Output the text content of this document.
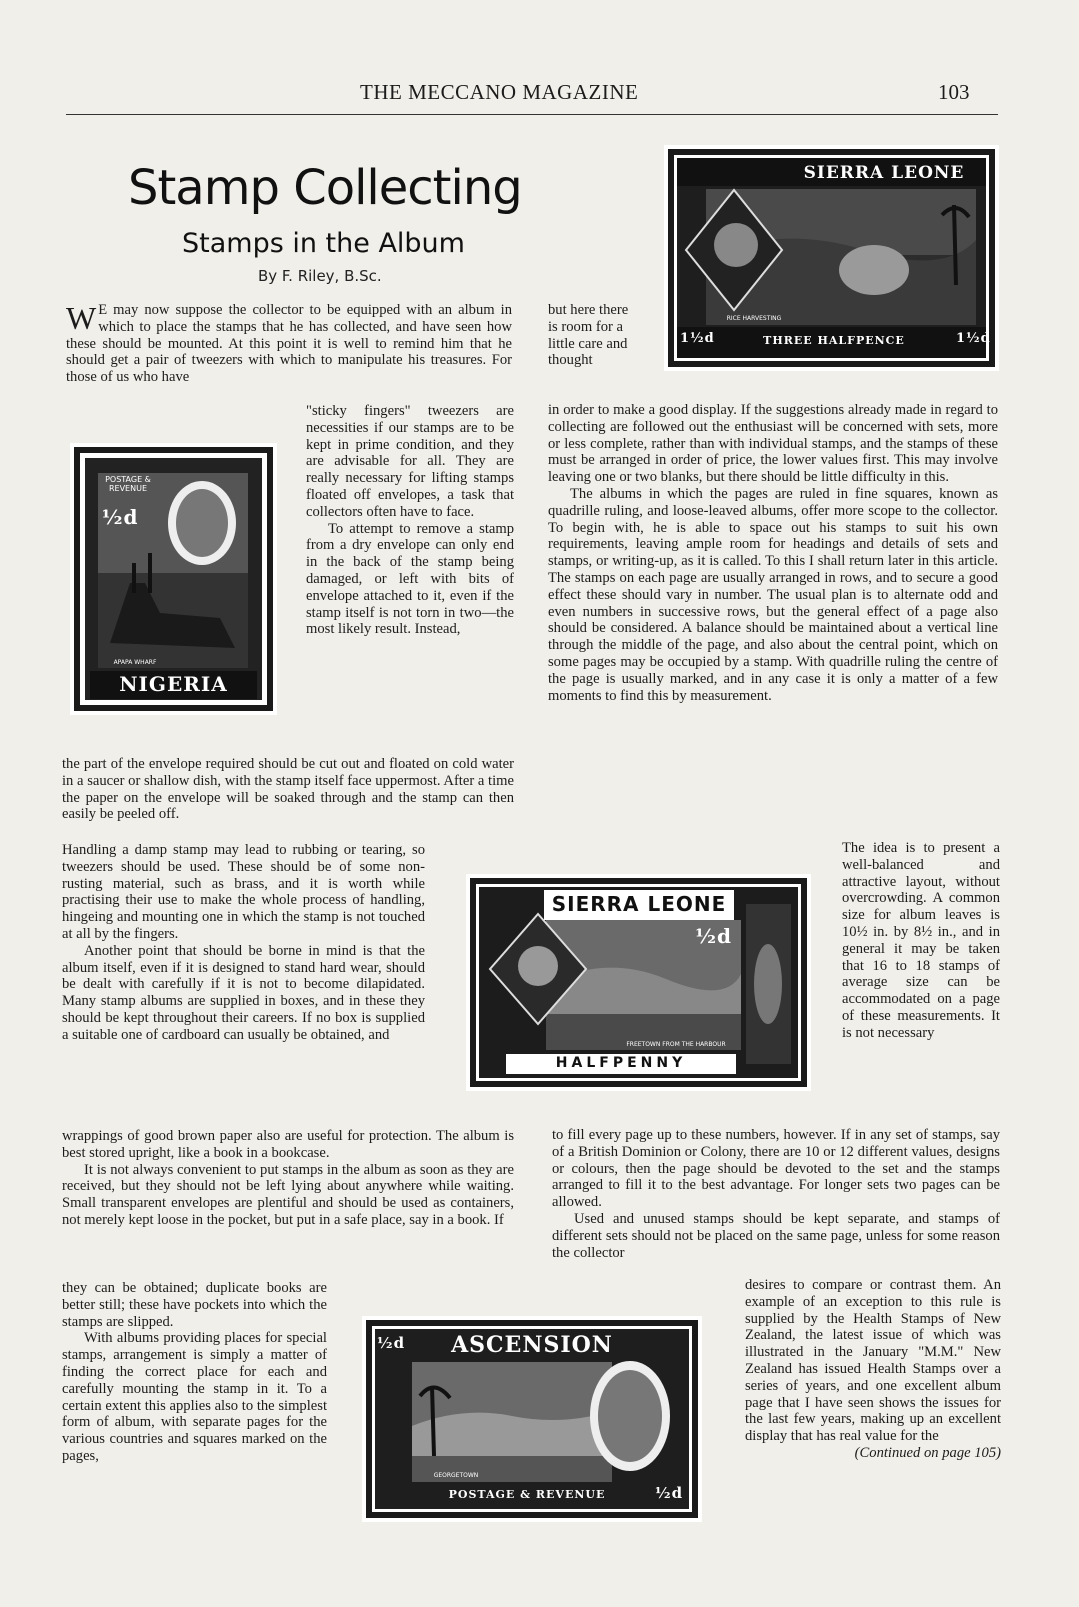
THE MECCANO MAGAZINE	103
Stamp Collecting
Stamps in the Album
By F. Riley, B.Sc.

W E may now suppose the collector to be equipped with an album in which to place the stamps that he has collected, and have seen how these should be mounted. At this point it is well to remind him that he should get a pair of tweezers with which to manipulate his treasures. For those of us who have

"sticky fingers" tweezers are necessities if our stamps are to be kept in prime condition, and they are advisable for all. They are really necessary for lifting stamps floated off envelopes, a task that collectors often have to face.

To attempt to remove a stamp from a dry envelope can only end in the back of the stamp being damaged, or left with bits of envelope attached to it, even if the stamp itself is not torn in two—the most likely result. Instead,

the part of the envelope required should be cut out and floated on cold water in a saucer or shallow dish, with the stamp itself face uppermost. After a time the paper on the envelope will be soaked through and the stamp can then easily be peeled off.

Handling a damp stamp may lead to rubbing or tearing, so tweezers should be used. These should be of some non-rusting material, such as brass, and it is worth while practising their use to make the whole process of handling, hingeing and mounting one in which the stamp is not touched at all by the fingers.

Another point that should be borne in mind is that the album itself, even if it is designed to stand hard wear, should be dealt with carefully if it is not to become dilapidated. Many stamp albums are supplied in boxes, and in these they should be kept throughout their careers. If no box is supplied a suitable one of cardboard can usually be obtained, and

wrappings of good brown paper also are useful for protection. The album is best stored upright, like a book in a bookcase.

It is not always convenient to put stamps in the album as soon as they are received, but they should not be left lying about anywhere while waiting. Small transparent envelopes are plentiful and should be used as containers, not merely kept loose in the pocket, but put in a safe place, say in a book. If

they can be obtained; duplicate books are better still; these have pockets into which the stamps are slipped.

With albums providing places for special stamps, arrangement is simply a matter of finding the correct place for each and carefully mounting the stamp in it. To a certain extent this applies also to the simplest form of album, with separate pages for the various countries and squares marked on the pages,

but here there is room for a little care and thought

in order to make a good display. If the suggestions already made in regard to collecting are followed out the enthusiast will be concerned with sets, more or less complete, rather than with individual stamps, and the stamps of these must be arranged in order of price, the lower values first. This may involve leaving one or two blanks, but there should be little difficulty in this.

The albums in which the pages are ruled in fine squares, known as quadrille ruling, and loose-leaved albums, offer more scope to the collector. To begin with, he is able to space out his stamps to suit his own requirements, leaving ample room for headings and details of sets and stamps, or writing-up, as it is called. To this I shall return later in this article. The stamps on each page are usually arranged in rows, and to secure a good effect these should vary in number. The usual plan is to alternate odd and even numbers in successive rows, but the general effect of a page also should be considered. A balance should be maintained about a vertical line through the middle of the page, and also about the central point, which on some pages may be occupied by a stamp. With quadrille ruling the centre of the page is usually marked, and in any case it is only a matter of a few moments to find this by measurement.

The idea is to present a well-balanced and attractive layout, without overcrowding. A common size for album leaves is 10½ in. by 8½ in., and in general it may be taken that 16 to 18 stamps of average size can be accommodated on a page of these measurements. It is not necessary

to fill every page up to these numbers, however. If in any set of stamps, say of a British Dominion or Colony, there are 10 or 12 different values, designs or colours, then the page should be devoted to the set and the stamps arranged to fill it to the best advantage. For longer sets two pages can be allowed.

Used and unused stamps should be kept separate, and stamps of different sets should not be placed on the same page, unless for some reason the collector

desires to compare or contrast them. An example of an exception to this rule is supplied by the Health Stamps of New Zealand, the latest issue of which was illustrated in the January "M.M." New Zealand has issued Health Stamps over a series of years, and one excellent album page that I have seen shows the issues for the last few years, making up an excellent display that has real value for the

(Continued on page 105)

SIERRA LEONE
1½d	1½d
THREE HALFPENCE
RICE HARVESTING
POSTAGE & REVENUE
½d
APAPA WHARF
NIGERIA
SIERRA LEONE
½d
FREETOWN FROM THE HARBOUR
HALFPENNY
½d	ASCENSION
GEORGETOWN
POSTAGE & REVENUE	½d
